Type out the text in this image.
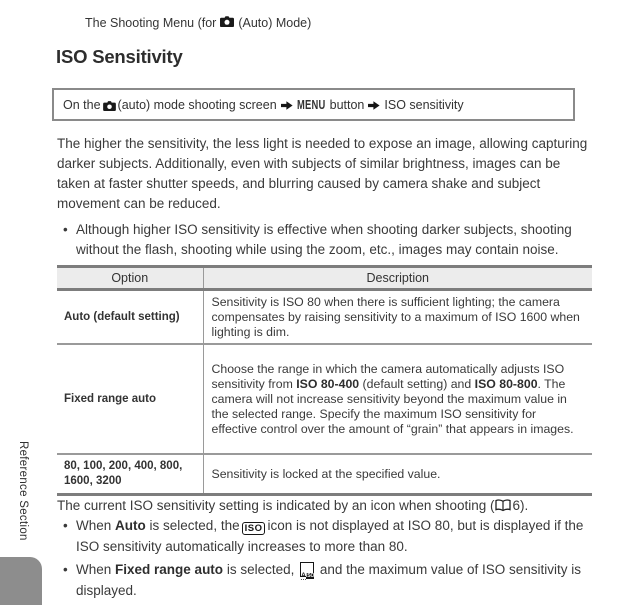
The Shooting Menu (for (Auto) Mode)
ISO Sensitivity
On the (auto) mode shooting screen MENU button ISO sensitivity
The higher the sensitivity, the less light is needed to expose an image, allowing capturing darker subjects. Additionally, even with subjects of similar brightness, images can be taken at faster shutter speeds, and blurring caused by camera shake and subject movement can be reduced.
• Although higher ISO sensitivity is effective when shooting darker subjects, shooting without the flash, shooting while using the zoom, etc., images may contain noise.
Option	Description
Auto (default setting)	Sensitivity is ISO 80 when there is sufficient lighting; the camera compensates by raising sensitivity to a maximum of ISO 1600 when lighting is dim.
Fixed range auto	Choose the range in which the camera automatically adjusts ISO sensitivity from ISO 80-400 (default setting) and ISO 80-800. The camera will not increase sensitivity beyond the maximum value in the selected range. Specify the maximum ISO sensitivity for effective control over the amount of “grain” that appears in images.
80, 100, 200, 400, 800, 1600, 3200	Sensitivity is locked at the specified value.
The current ISO sensitivity setting is indicated by an icon when shooting ( 6).
• When Auto is selected, the ISO icon is not displayed at ISO 80, but is displayed if the ISO sensitivity automatically increases to more than 80.
• When Fixed range auto is selected, AISO and the maximum value of ISO sensitivity is displayed.
Reference Section
